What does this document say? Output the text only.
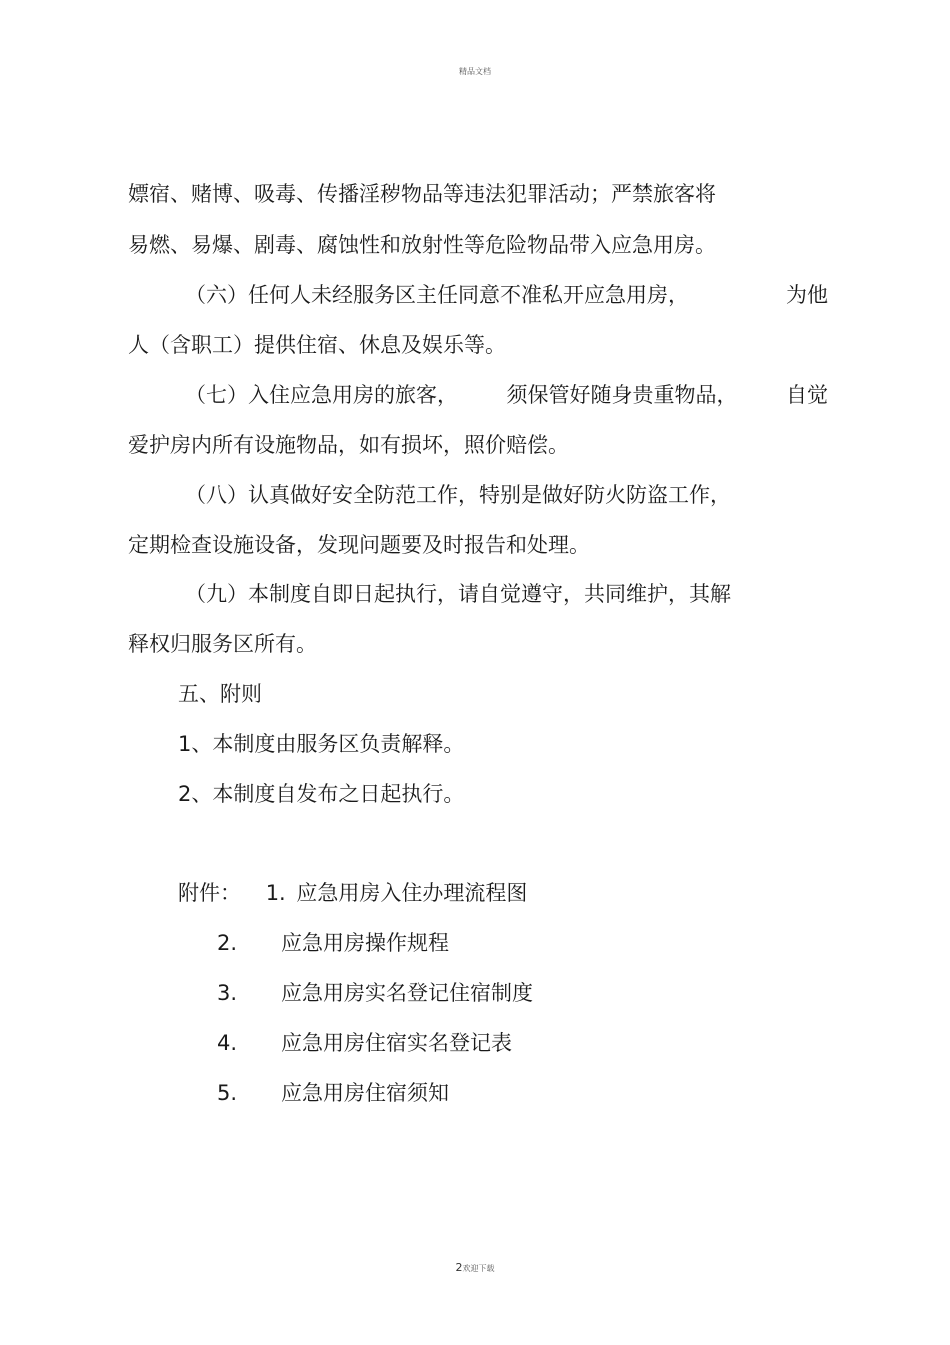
精品文档
嫖宿、赌博、吸毒、传播淫秽物品等违法犯罪活动；严禁旅客将
易燃、易爆、剧毒、腐蚀性和放射性等危险物品带入应急用房。
（六）任何人未经服务区主任同意不准私开应急用房，	为他
人（含职工）提供住宿、休息及娱乐等。
（七）入住应急用房的旅客， 须保管好随身贵重物品， 自觉
爱护房内所有设施物品，如有损坏，照价赔偿。
（八）认真做好安全防范工作，特别是做好防火防盗工作，
定期检查设施设备，发现问题要及时报告和处理。
（九）本制度自即日起执行，请自觉遵守，共同维护，其解
释权归服务区所有。
五、附则
1、本制度由服务区负责解释。
2、本制度自发布之日起执行。
附件： 1. 应急用房入住办理流程图
2. 应急用房操作规程
3. 应急用房实名登记住宿制度
4. 应急用房住宿实名登记表
5. 应急用房住宿须知
2欢迎下载
